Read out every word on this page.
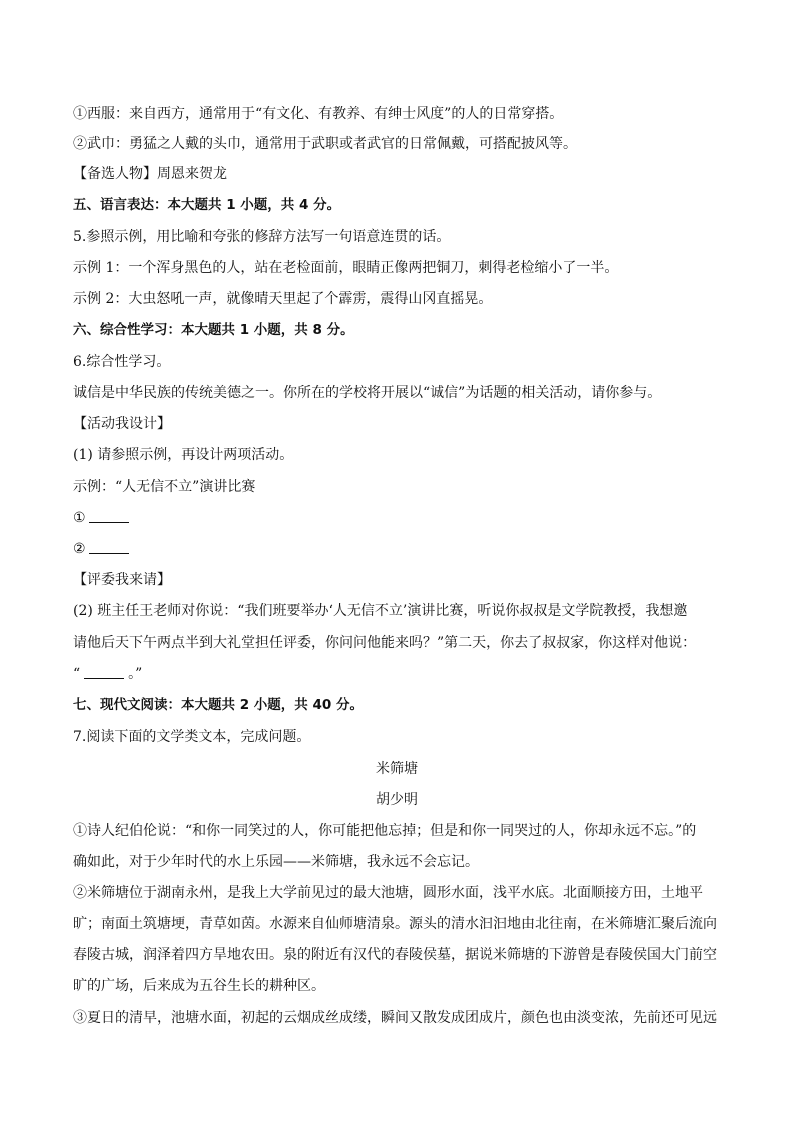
①西服：来自西方，通常用于“有文化、有教养、有绅士风度”的人的日常穿搭。
②武巾：勇猛之人戴的头巾，通常用于武职或者武官的日常佩戴，可搭配披风等。
【备选人物】周恩来贺龙
五、语言表达：本大题共 1 小题，共 4 分。
5.参照示例，用比喻和夸张的修辞方法写一句语意连贯的话。
示例 1：一个浑身黑色的人，站在老检面前，眼睛正像两把铜刀，刺得老检缩小了一半。
示例 2：大虫怒吼一声，就像晴天里起了个霹雳，震得山冈直摇晃。
六、综合性学习：本大题共 1 小题，共 8 分。
6.综合性学习。
诚信是中华民族的传统美德之一。你所在的学校将开展以“诚信”为话题的相关活动，请你参与。
【活动我设计】
(1) 请参照示例，再设计两项活动。
示例：“人无信不立”演讲比赛
①
②
【评委我来请】
(2) 班主任王老师对你说：“我们班要举办‘人无信不立’演讲比赛，听说你叔叔是文学院教授，我想邀
请他后天下午两点半到大礼堂担任评委，你问问他能来吗？”第二天，你去了叔叔家，你这样对他说：
“	。”
七、现代文阅读：本大题共 2 小题，共 40 分。
7.阅读下面的文学类文本，完成问题。
米筛塘
胡少明
①诗人纪伯伦说：“和你一同笑过的人，你可能把他忘掉；但是和你一同哭过的人，你却永远不忘。”的
确如此，对于少年时代的水上乐园——米筛塘，我永远不会忘记。
②米筛塘位于湖南永州，是我上大学前见过的最大池塘，圆形水面，浅平水底。北面顺接方田，土地平
旷；南面土筑塘埂，青草如茵。水源来自仙师塘清泉。源头的清水汩汩地由北往南，在米筛塘汇聚后流向
春陵古城，润泽着四方旱地农田。泉的附近有汉代的春陵侯墓，据说米筛塘的下游曾是春陵侯国大门前空
旷的广场，后来成为五谷生长的耕种区。
③夏日的清早，池塘水面，初起的云烟成丝成缕，瞬间又散发成团成片，颜色也由淡变浓，先前还可见远
